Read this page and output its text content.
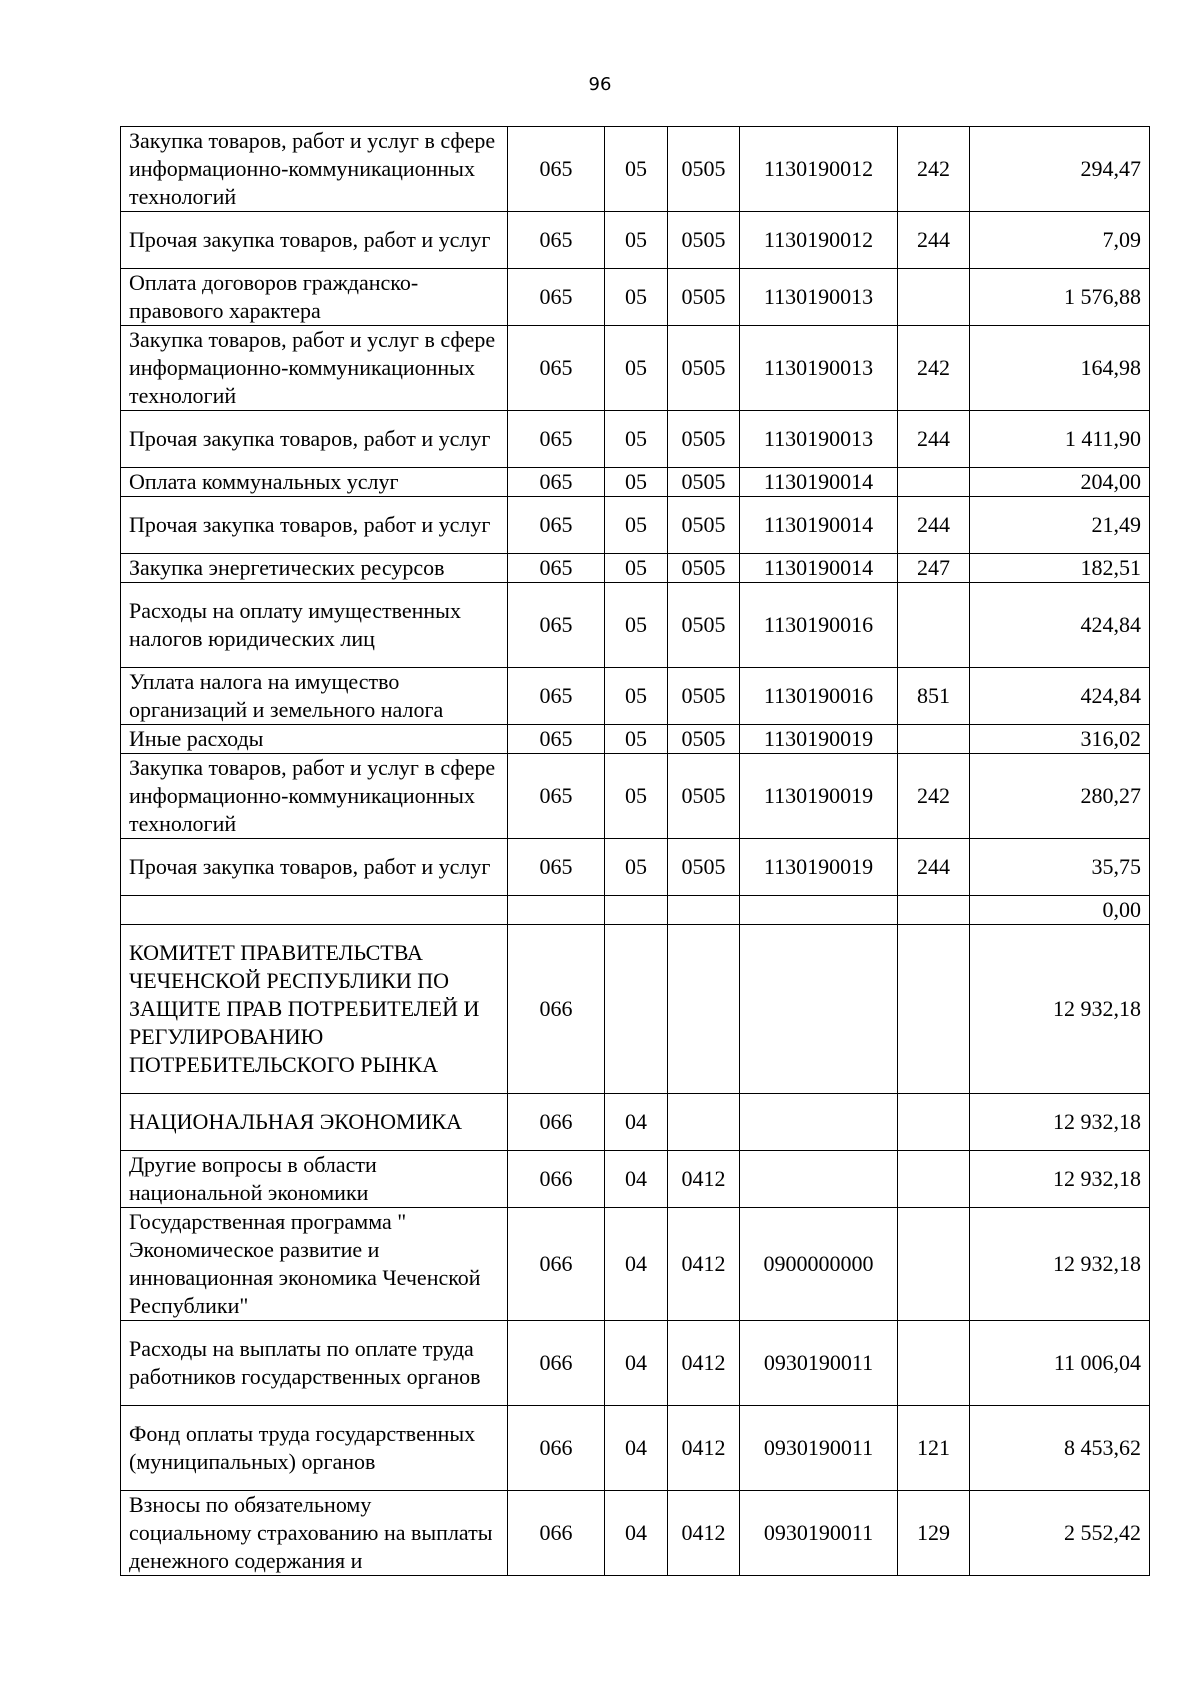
96
Закупка товаров, работ и услуг в сфере информационно-коммуникационных технологий	065	05	0505	1130190012	242	294,47
Прочая закупка товаров, работ и услуг	065	05	0505	1130190012	244	7,09
Оплата договоров гражданско-правового характера	065	05	0505	1130190013		1 576,88
Закупка товаров, работ и услуг в сфере информационно-коммуникационных технологий	065	05	0505	1130190013	242	164,98
Прочая закупка товаров, работ и услуг	065	05	0505	1130190013	244	1 411,90
Оплата коммунальных услуг	065	05	0505	1130190014		204,00
Прочая закупка товаров, работ и услуг	065	05	0505	1130190014	244	21,49
Закупка энергетических ресурсов	065	05	0505	1130190014	247	182,51
Расходы на оплату имущественных налогов юридических лиц	065	05	0505	1130190016		424,84
Уплата налога на имущество организаций и земельного налога	065	05	0505	1130190016	851	424,84
Иные расходы	065	05	0505	1130190019		316,02
Закупка товаров, работ и услуг в сфере информационно-коммуникационных технологий	065	05	0505	1130190019	242	280,27
Прочая закупка товаров, работ и услуг	065	05	0505	1130190019	244	35,75
						0,00
КОМИТЕТ ПРАВИТЕЛЬСТВА ЧЕЧЕНСКОЙ РЕСПУБЛИКИ ПО ЗАЩИТЕ ПРАВ ПОТРЕБИТЕЛЕЙ И РЕГУЛИРОВАНИЮ ПОТРЕБИТЕЛЬСКОГО РЫНКА	066					12 932,18
НАЦИОНАЛЬНАЯ ЭКОНОМИКА	066	04				12 932,18
Другие вопросы в области национальной экономики	066	04	0412			12 932,18
Государственная программа " Экономическое развитие и инновационная экономика Чеченской Республики"	066	04	0412	0900000000		12 932,18
Расходы на выплаты по оплате труда работников государственных органов	066	04	0412	0930190011		11 006,04
Фонд оплаты труда государственных (муниципальных) органов	066	04	0412	0930190011	121	8 453,62
Взносы по обязательному социальному страхованию на выплаты денежного содержания и	066	04	0412	0930190011	129	2 552,42
